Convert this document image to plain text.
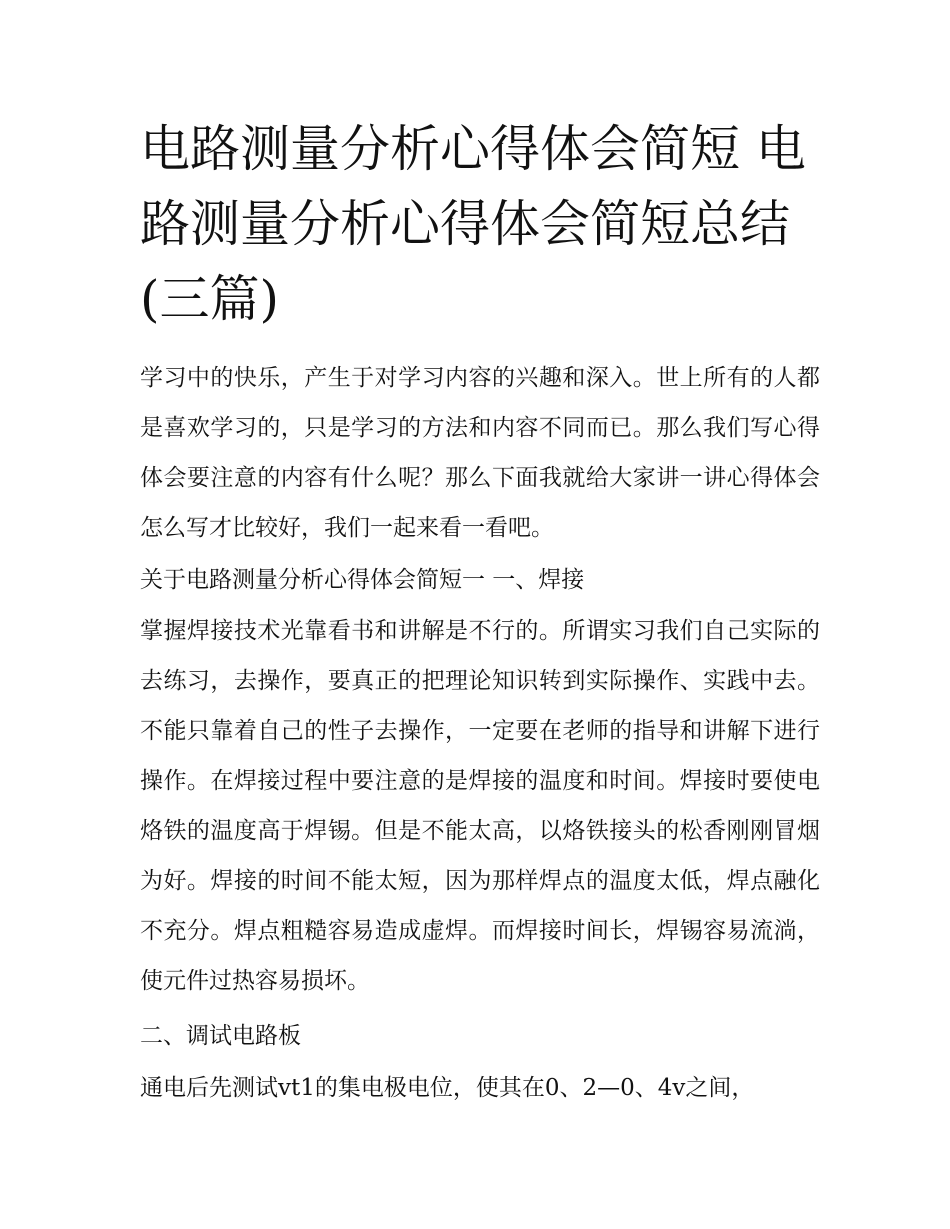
电路测量分析心得体会简短 电路测量分析心得体会简短总结(三篇)

学习中的快乐，产生于对学习内容的兴趣和深入。世上所有的人都是喜欢学习的，只是学习的方法和内容不同而已。那么我们写心得体会要注意的内容有什么呢？那么下面我就给大家讲一讲心得体会怎么写才比较好，我们一起来看一看吧。

关于电路测量分析心得体会简短一 一、焊接

掌握焊接技术光靠看书和讲解是不行的。所谓实习我们自己实际的去练习，去操作，要真正的把理论知识转到实际操作、实践中去。不能只靠着自己的性子去操作，一定要在老师的指导和讲解下进行操作。在焊接过程中要注意的是焊接的温度和时间。焊接时要使电烙铁的温度高于焊锡。但是不能太高，以烙铁接头的松香刚刚冒烟为好。焊接的时间不能太短，因为那样焊点的温度太低，焊点融化不充分。焊点粗糙容易造成虚焊。而焊接时间长，焊锡容易流淌，使元件过热容易损坏。

二、调试电路板

通电后先测试vt1的集电极电位，使其在0、2—0、4v之间，
